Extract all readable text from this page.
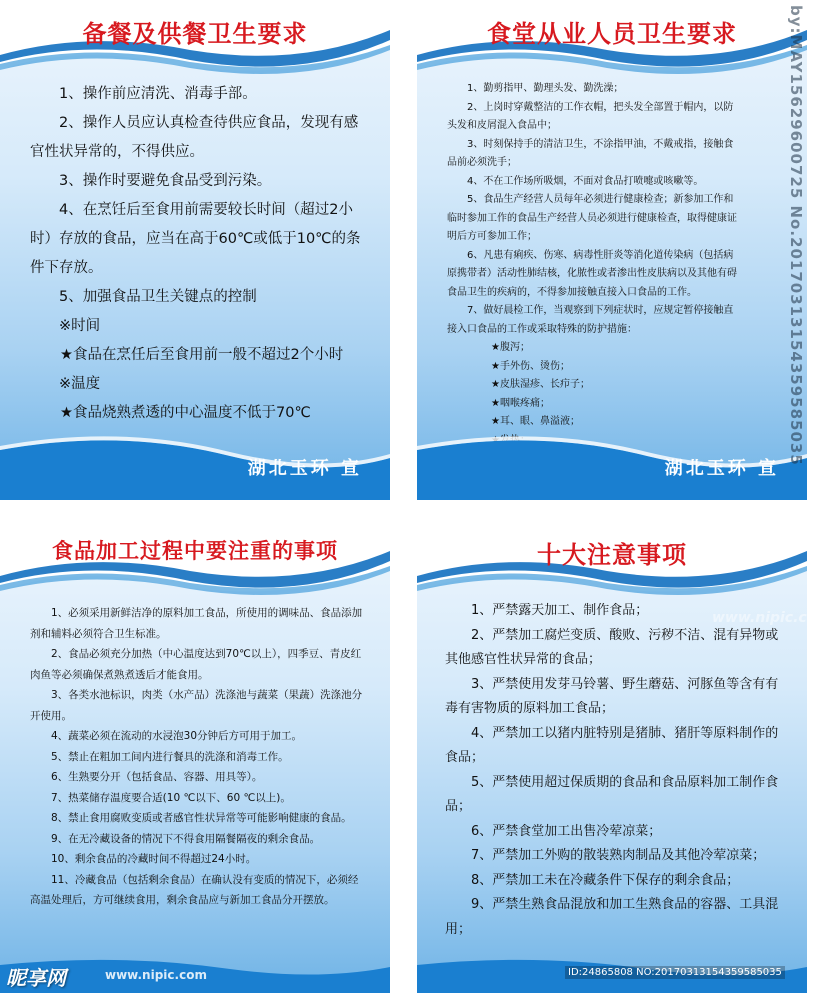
备餐及供餐卫生要求

1、操作前应清洗、消毒手部。

2、操作人员应认真检查待供应食品，发现有感官性状异常的，不得供应。

3、操作时要避免食品受到污染。

4、在烹饪后至食用前需要较长时间（超过2小时）存放的食品，应当在高于60℃或低于10℃的条件下存放。

5、加强食品卫生关键点的控制

※时间

★食品在烹任后至食用前一般不超过2个小时

※温度

★食品烧熟煮透的中心温度不低于70℃

湖北玉环 宣
食堂从业人员卫生要求

1、勤剪指甲、勤理头发、勤洗澡；

2、上岗时穿戴整洁的工作衣帽，把头发全部置于帽内，以防

头发和皮屑混入食品中；

3、时刻保持手的清洁卫生，不涂指甲油，不戴戒指，接触食

品前必须洗手；

4、不在工作场所吸烟，不面对食品打喷嚏或咳嗽等。

5、食品生产经营人员每年必须进行健康检查；新参加工作和

临时参加工作的食品生产经营人员必须进行健康检查，取得健康证

明后方可参加工作；

6、凡患有痢疾、伤寒、病毒性肝炎等消化道传染病（包括病

原携带者）活动性肺结核，化脓性或者渗出性皮肤病以及其他有碍

食品卫生的疾病的，不得参加接触直接入口食品的工作。

7、做好晨检工作，当观察到下列症状时，应规定暂停接触直

接入口食品的工作或采取特殊的防护措施：

★腹泻；

★手外伤、烫伤；

★皮肤湿疹、长疖子；

★咽喉疼痛；

★耳、眼、鼻溢液；

湖北玉环 宣
食品加工过程中要注重的事项

1、必须采用新鲜洁净的原料加工食品，所使用的调味品、食品添加剂和辅料必须符合卫生标准。

2、食品必须充分加热（中心温度达到70℃以上），四季豆、青皮红肉鱼等必须确保煮熟煮透后才能食用。

3、各类水池标识，肉类（水产品）洗涤池与蔬菜（果蔬）洗涤池分开使用。

4、蔬菜必须在流动的水浸泡30分钟后方可用于加工。

5、禁止在粗加工间内进行餐具的洗涤和消毒工作。

6、生熟要分开（包括食品、容器、用具等）。

7、热菜储存温度要合适(10 ℃以下、60 ℃以上)。

8、禁止食用腐败变质或者感官性状异常等可能影响健康的食品。

9、在无冷藏设备的情况下不得食用隔餐隔夜的剩余食品。

10、剩余食品的冷藏时间不得超过24小时。

11、冷藏食品（包括剩余食品）在确认没有变质的情况下，必须经高温处理后，方可继续食用，剩余食品应与新加工食品分开摆放。

十大注意事项

1、严禁露天加工、制作食品；

2、严禁加工腐烂变质、酸败、污秽不洁、混有异物或其他感官性状异常的食品；

3、严禁使用发芽马铃薯、野生蘑菇、河豚鱼等含有有毒有害物质的原料加工食品；

4、严禁加工以猪内脏特别是猪肺、猪肝等原料制作的食品；

5、严禁使用超过保质期的食品和食品原料加工制作食品；

6、严禁食堂加工出售冷荤凉菜；

7、严禁加工外购的散装熟肉制品及其他冷荤凉菜；

8、严禁加工未在冷藏条件下保存的剩余食品；

9、严禁生熟食品混放和加工生熟食品的容器、工具混用；

by:MAY15629600725 No.20170313154359585035
www.nipic.com
昵享网	www.nipic.com	ID:24865808 NO:20170313154359585035
